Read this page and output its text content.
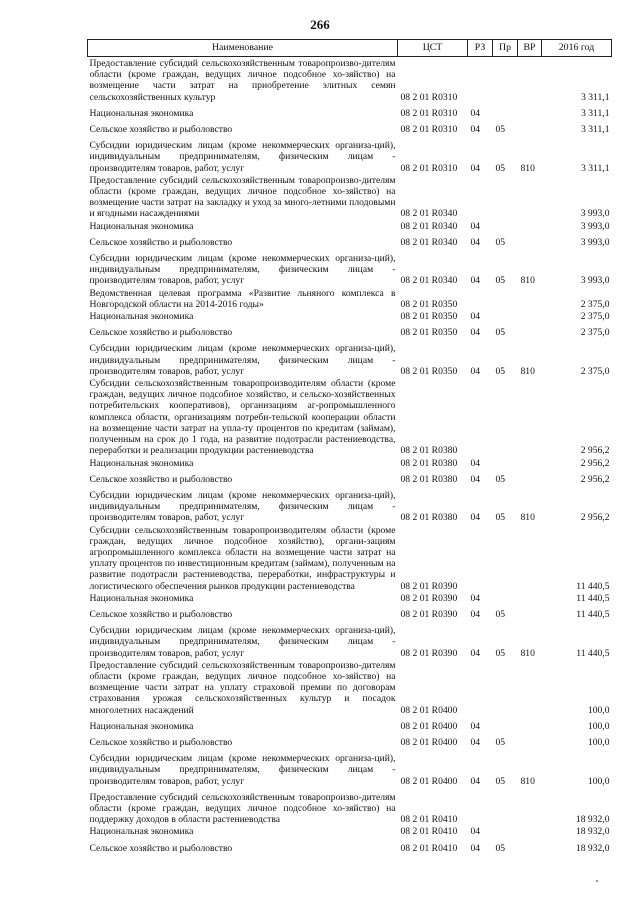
266
Наименование	ЦСТ	РЗ	Пр	ВР	2016 год
Предоставление субсидий сельскохозяйственным товаропроизво-дителям области (кроме граждан, ведущих личное подсобное хо-зяйство) на возмещение части затрат на приобретение элитных семян сельскохозяйственных культур	08 2 01 R0310				3 311,1
Национальная экономика	08 2 01 R0310	04			3 311,1
Сельское хозяйство и рыболовство	08 2 01 R0310	04	05		3 311,1
Субсидии юридическим лицам (кроме некоммерческих организа-ций), индивидуальным предпринимателям, физическим лицам - производителям товаров, работ, услуг	08 2 01 R0310	04	05	810	3 311,1
Предоставление субсидий сельскохозяйственным товаропроизво-дителям области (кроме граждан, ведущих личное подсобное хо-зяйство) на возмещение части затрат на закладку и уход за много-летними плодовыми и ягодными насаждениями	08 2 01 R0340				3 993,0
Национальная экономика	08 2 01 R0340	04			3 993,0
Сельское хозяйство и рыболовство	08 2 01 R0340	04	05		3 993,0
Субсидии юридическим лицам (кроме некоммерческих организа-ций), индивидуальным предпринимателям, физическим лицам - производителям товаров, работ, услуг	08 2 01 R0340	04	05	810	3 993,0
Ведомственная целевая программа «Развитие льняного комплекса в Новгородской области на 2014-2016 годы»	08 2 01 R0350				2 375,0
Национальная экономика	08 2 01 R0350	04			2 375,0
Сельское хозяйство и рыболовство	08 2 01 R0350	04	05		2 375,0
Субсидии юридическим лицам (кроме некоммерческих организа-ций), индивидуальным предпринимателям, физическим лицам - производителям товаров, работ, услуг	08 2 01 R0350	04	05	810	2 375,0
Субсидии сельскохозяйственным товаропроизводителям области (кроме граждан, ведущих личное подсобное хозяйство, и сельско-хозяйственных потребительских кооперативов), организациям аг-ропромышленного комплекса области, организациям потреби-тельской кооперации области на возмещение части затрат на упла-ту процентов по кредитам (займам), полученным на срок до 1 года, на развитие подотрасли растениеводства, переработки и реализации продукции растениеводства	08 2 01 R0380				2 956,2
Национальная экономика	08 2 01 R0380	04			2 956,2
Сельское хозяйство и рыболовство	08 2 01 R0380	04	05		2 956,2
Субсидии юридическим лицам (кроме некоммерческих организа-ций), индивидуальным предпринимателям, физическим лицам - производителям товаров, работ, услуг	08 2 01 R0380	04	05	810	2 956,2
Субсидии сельскохозяйственным товаропроизводителям области (кроме граждан, ведущих личное подсобное хозяйство), органи-зациям агропромышленного комплекса области на возмещение части затрат на уплату процентов по инвестиционным кредитам (займам), полученным на развитие подотрасли растениеводства, переработки, инфраструктуры и логистического обеспечения рынков продукции растениеводства	08 2 01 R0390				11 440,5
Национальная экономика	08 2 01 R0390	04			11 440,5
Сельское хозяйство и рыболовство	08 2 01 R0390	04	05		11 440,5
Субсидии юридическим лицам (кроме некоммерческих организа-ций), индивидуальным предпринимателям, физическим лицам - производителям товаров, работ, услуг	08 2 01 R0390	04	05	810	11 440,5
Предоставление субсидий сельскохозяйственным товаропроизво-дителям области (кроме граждан, ведущих личное подсобное хо-зяйство) на возмещение части затрат на уплату страховой премии по договорам страхования урожая сельскохозяйственных культур и посадок многолетних насаждений	08 2 01 R0400				100,0
Национальная экономика	08 2 01 R0400	04			100,0
Сельское хозяйство и рыболовство	08 2 01 R0400	04	05		100,0
Субсидии юридическим лицам (кроме некоммерческих организа-ций), индивидуальным предпринимателям, физическим лицам - производителям товаров, работ, услуг	08 2 01 R0400	04	05	810	100,0
Предоставление субсидий сельскохозяйственным товаропроизво-дителям области (кроме граждан, ведущих личное подсобное хо-зяйство) на поддержку доходов в области растениеводства	08 2 01 R0410				18 932,0
Национальная экономика	08 2 01 R0410	04			18 932,0
Сельское хозяйство и рыболовство	08 2 01 R0410	04	05		18 932,0
